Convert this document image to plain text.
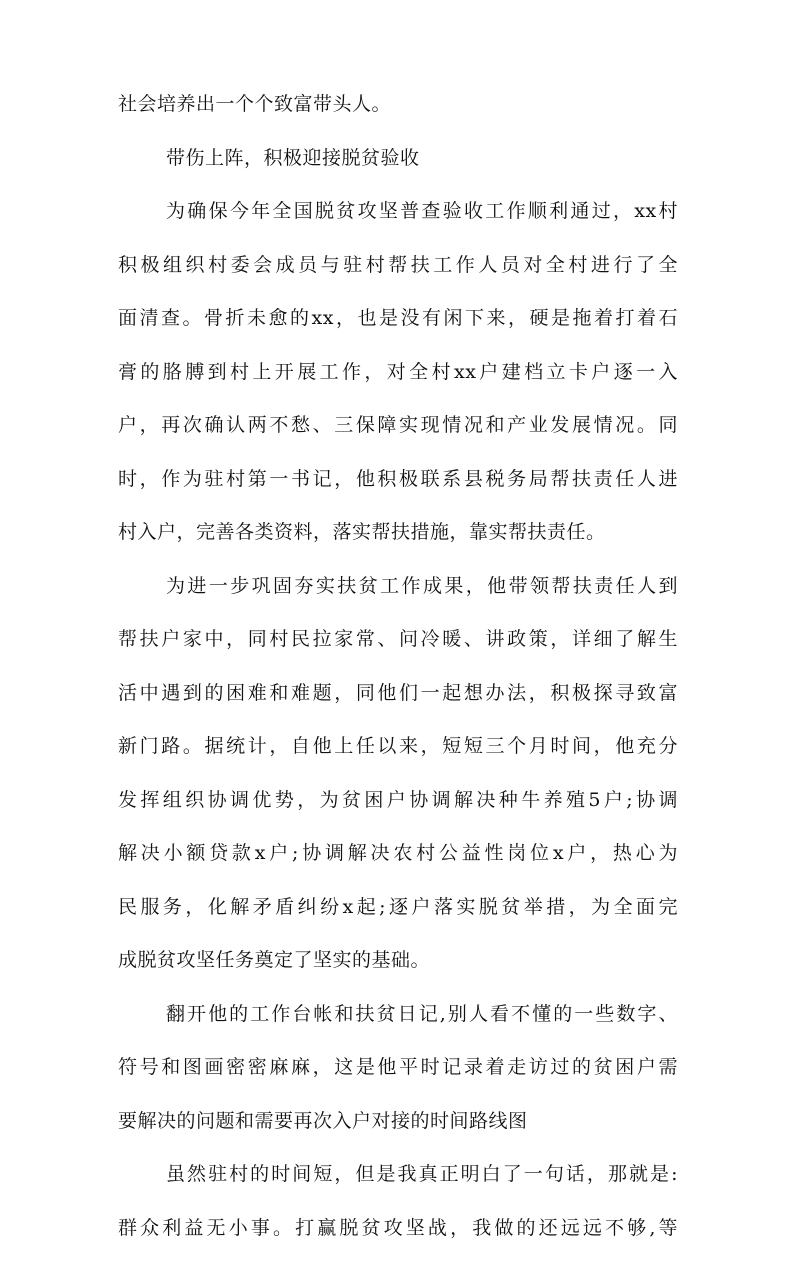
社会培养出一个个致富带头人。
带伤上阵，积极迎接脱贫验收
为确保今年全国脱贫攻坚普查验收工作顺利通过，xx村
积极组织村委会成员与驻村帮扶工作人员对全村进行了全
面清查。骨折未愈的xx，也是没有闲下来，硬是拖着打着石
膏的胳膊到村上开展工作，对全村xx户建档立卡户逐一入
户，再次确认两不愁、三保障实现情况和产业发展情况。同
时，作为驻村第一书记，他积极联系县税务局帮扶责任人进
村入户，完善各类资料，落实帮扶措施，靠实帮扶责任。
为进一步巩固夯实扶贫工作成果，他带领帮扶责任人到
帮扶户家中，同村民拉家常、问冷暖、讲政策，详细了解生
活中遇到的困难和难题，同他们一起想办法，积极探寻致富
新门路。据统计，自他上任以来，短短三个月时间，他充分
发挥组织协调优势，为贫困户协调解决种牛养殖5户;协调
解决小额贷款x户;协调解决农村公益性岗位x户，热心为
民服务，化解矛盾纠纷x起;逐户落实脱贫举措，为全面完
成脱贫攻坚任务奠定了坚实的基础。
翻开他的工作台帐和扶贫日记,别人看不懂的一些数字、
符号和图画密密麻麻，这是他平时记录着走访过的贫困户需
要解决的问题和需要再次入户对接的时间路线图
虽然驻村的时间短，但是我真正明白了一句话，那就是:
群众利益无小事。打赢脱贫攻坚战，我做的还远远不够,等
